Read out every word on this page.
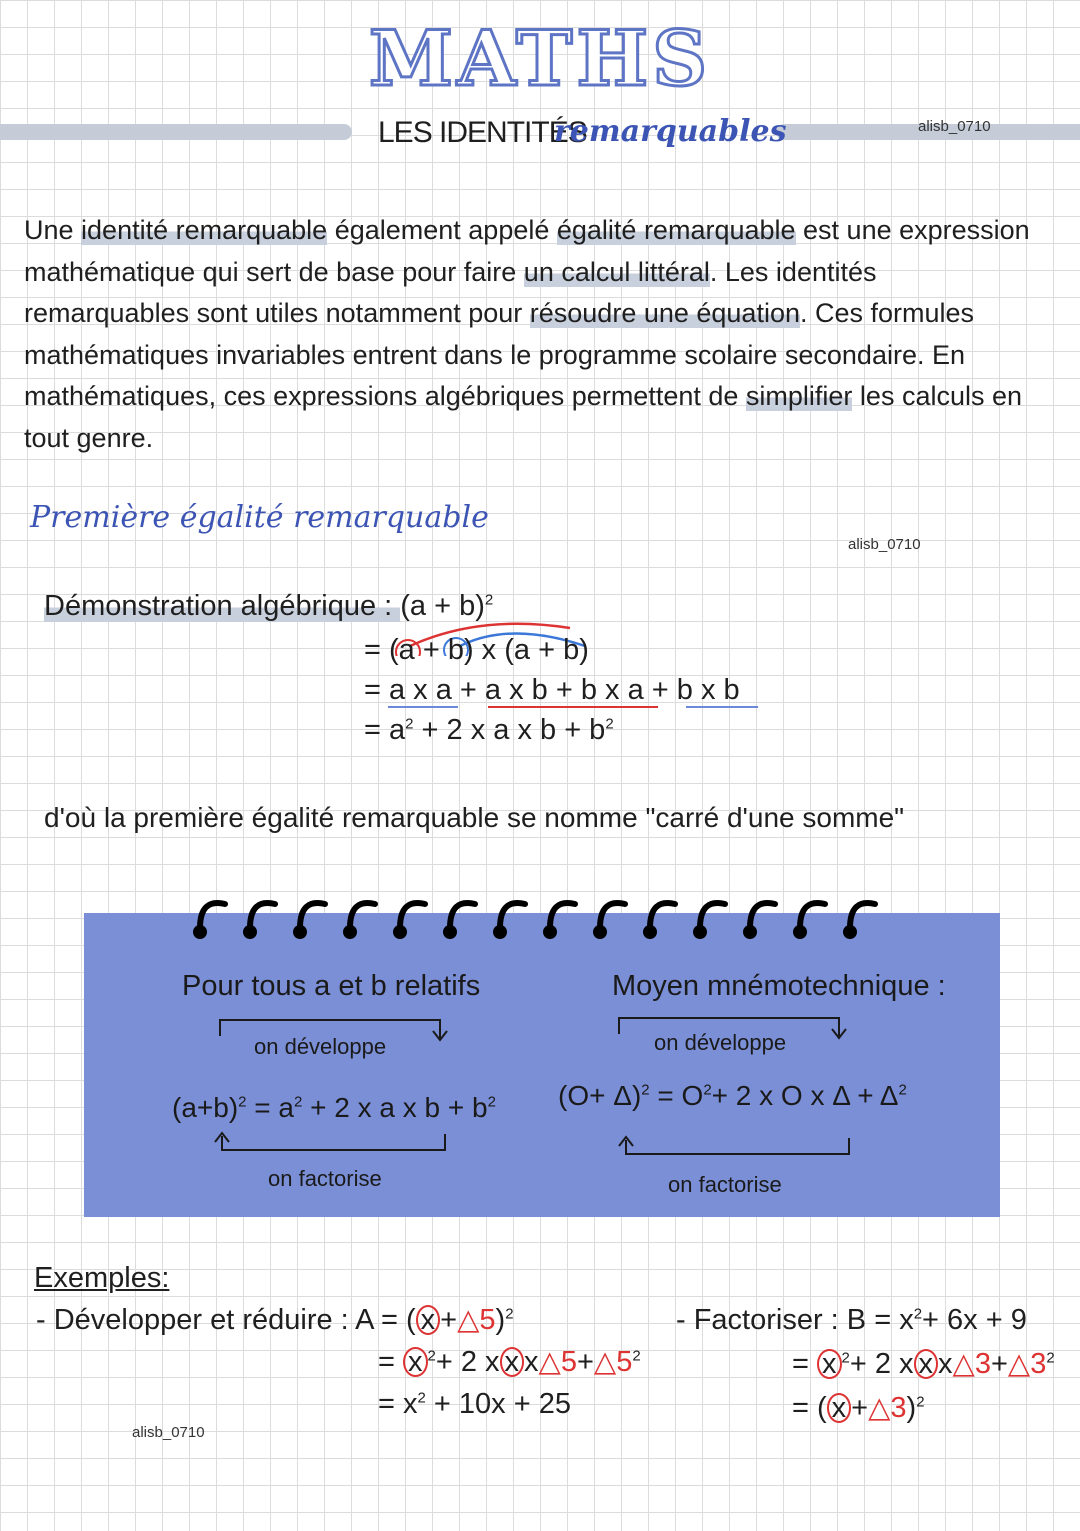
MATHS
LES IDENTITÉS
remarquables	alisb_0710
Une identité remarquable également appelé égalité remarquable est une expression mathématique qui sert de base pour faire un calcul littéral. Les identités remarquables sont utiles notamment pour résoudre une équation. Ces formules mathématiques invariables entrent dans le programme scolaire secondaire. En mathématiques, ces expressions algébriques permettent de simplifier les calculs en tout genre.
Première égalité remarquable
alisb_0710
Démonstration algébrique : $(a + b)^2$
= (a + b) x (a + b)
= a x a + a x b + b x a + b x b
= $a^2 + 2$ x a x $b + b^2$
d'où la première égalité remarquable se nomme "carré d'une somme"
Pour tous a et b relatifs
on développe
$(a+b)^2 = a^2 + 2$ x a x $b + b^2$
on factorise
Moyen mnémotechnique :
on développe
$(O+ \Delta)^2 = O^2+ 2$ x O x $\Delta + \Delta^2$
on factorise
Exemples:
- Développer et réduire : A = ( x +△5)$^2$
= x $^2$+ 2 x x $x\triangle 5+\triangle 5^2$
= $x^2 + 10x + 25$
- Factoriser : $B = x^2+ 6x + 9$
= x $^2$+ 2 x x $x\triangle 3+\triangle 3^2$
= ( x +△3)$^2$
alisb_0710
